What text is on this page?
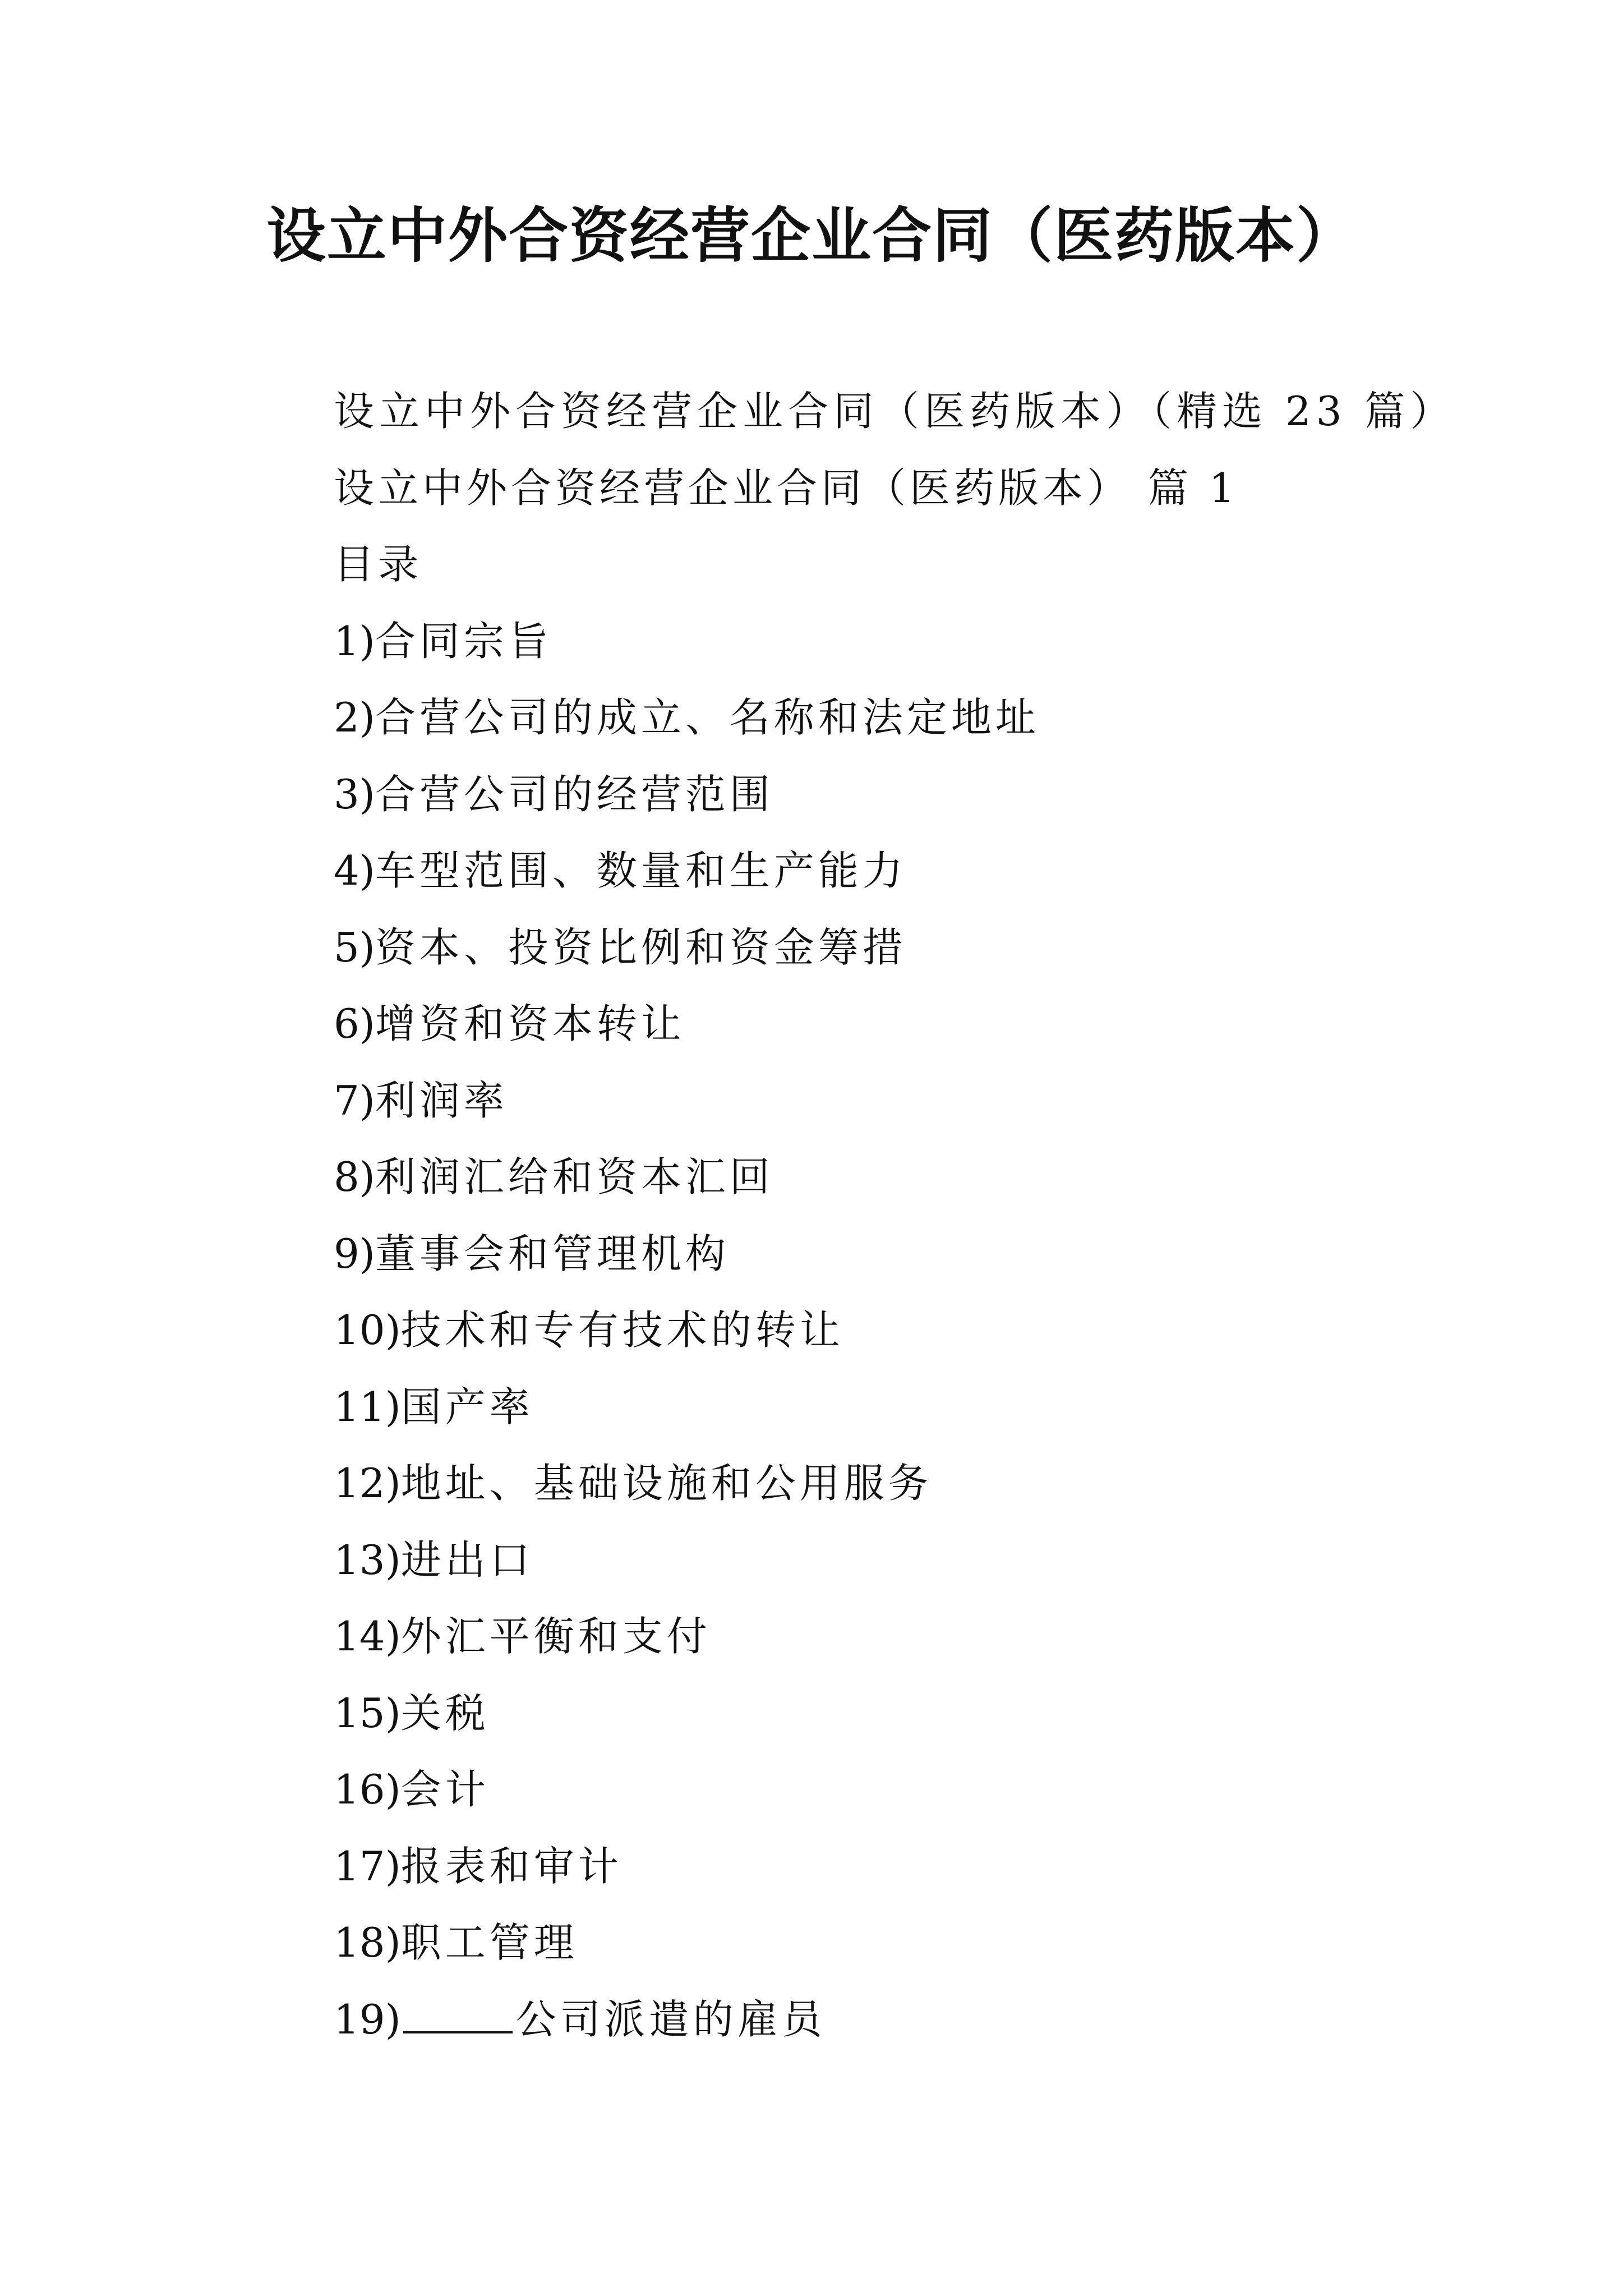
设立中外合资经营企业合同（医药版本）
设立中外合资经营企业合同（医药版本）（精选 23 篇）
设立中外合资经营企业合同（医药版本） 篇 1
目录
1)合同宗旨
2)合营公司的成立、名称和法定地址
3)合营公司的经营范围
4)车型范围、数量和生产能力
5)资本、投资比例和资金筹措
6)增资和资本转让
7)利润率
8)利润汇给和资本汇回
9)董事会和管理机构
10)技术和专有技术的转让
11)国产率
12)地址、基础设施和公用服务
13)进出口
14)外汇平衡和支付
15)关税
16)会计
17)报表和审计
18)职工管理
19)	公司派遣的雇员
